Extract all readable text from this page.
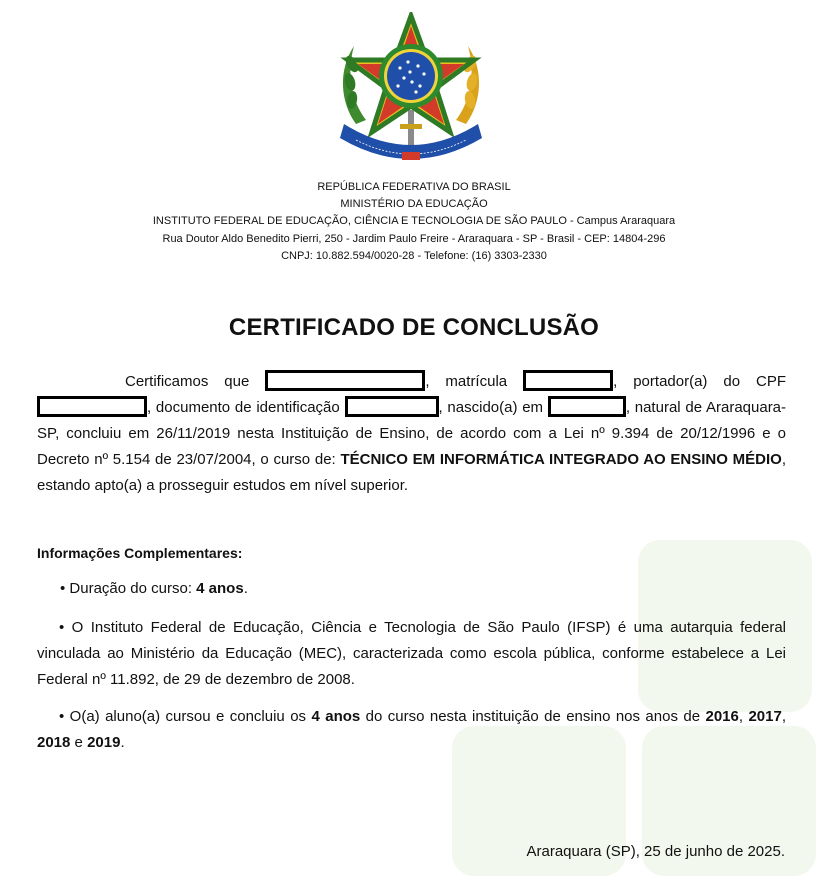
REPÚBLICA FEDERATIVA DO BRASIL
MINISTÉRIO DA EDUCAÇÃO
INSTITUTO FEDERAL DE EDUCAÇÃO, CIÊNCIA E TECNOLOGIA DE SÃO PAULO - Campus Araraquara
Rua Doutor Aldo Benedito Pierri, 250 - Jardim Paulo Freire - Araraquara - SP - Brasil - CEP: 14804-296
CNPJ: 10.882.594/0020-28 - Telefone: (16) 3303-2330
CERTIFICADO DE CONCLUSÃO
Certificamos que	, matrícula	, portador(a) do CPF , documento de identificação	, nascido(a) em	, natural de Araraquara-SP, concluiu em 26/11/2019 nesta Instituição de Ensino, de acordo com a Lei nº 9.394 de 20/12/1996 e o Decreto nº 5.154 de 23/07/2004, o curso de: TÉCNICO EM INFORMÁTICA INTEGRADO AO ENSINO MÉDIO, estando apto(a) a prosseguir estudos em nível superior.
Informações Complementares:
• Duração do curso: 4 anos.
• O Instituto Federal de Educação, Ciência e Tecnologia de São Paulo (IFSP) é uma autarquia federal vinculada ao Ministério da Educação (MEC), caracterizada como escola pública, conforme estabelece a Lei Federal nº 11.892, de 29 de dezembro de 2008.
• O(a) aluno(a) cursou e concluiu os 4 anos do curso nesta instituição de ensino nos anos de 2016, 2017, 2018 e 2019.
Araraquara (SP), 25 de junho de 2025.
